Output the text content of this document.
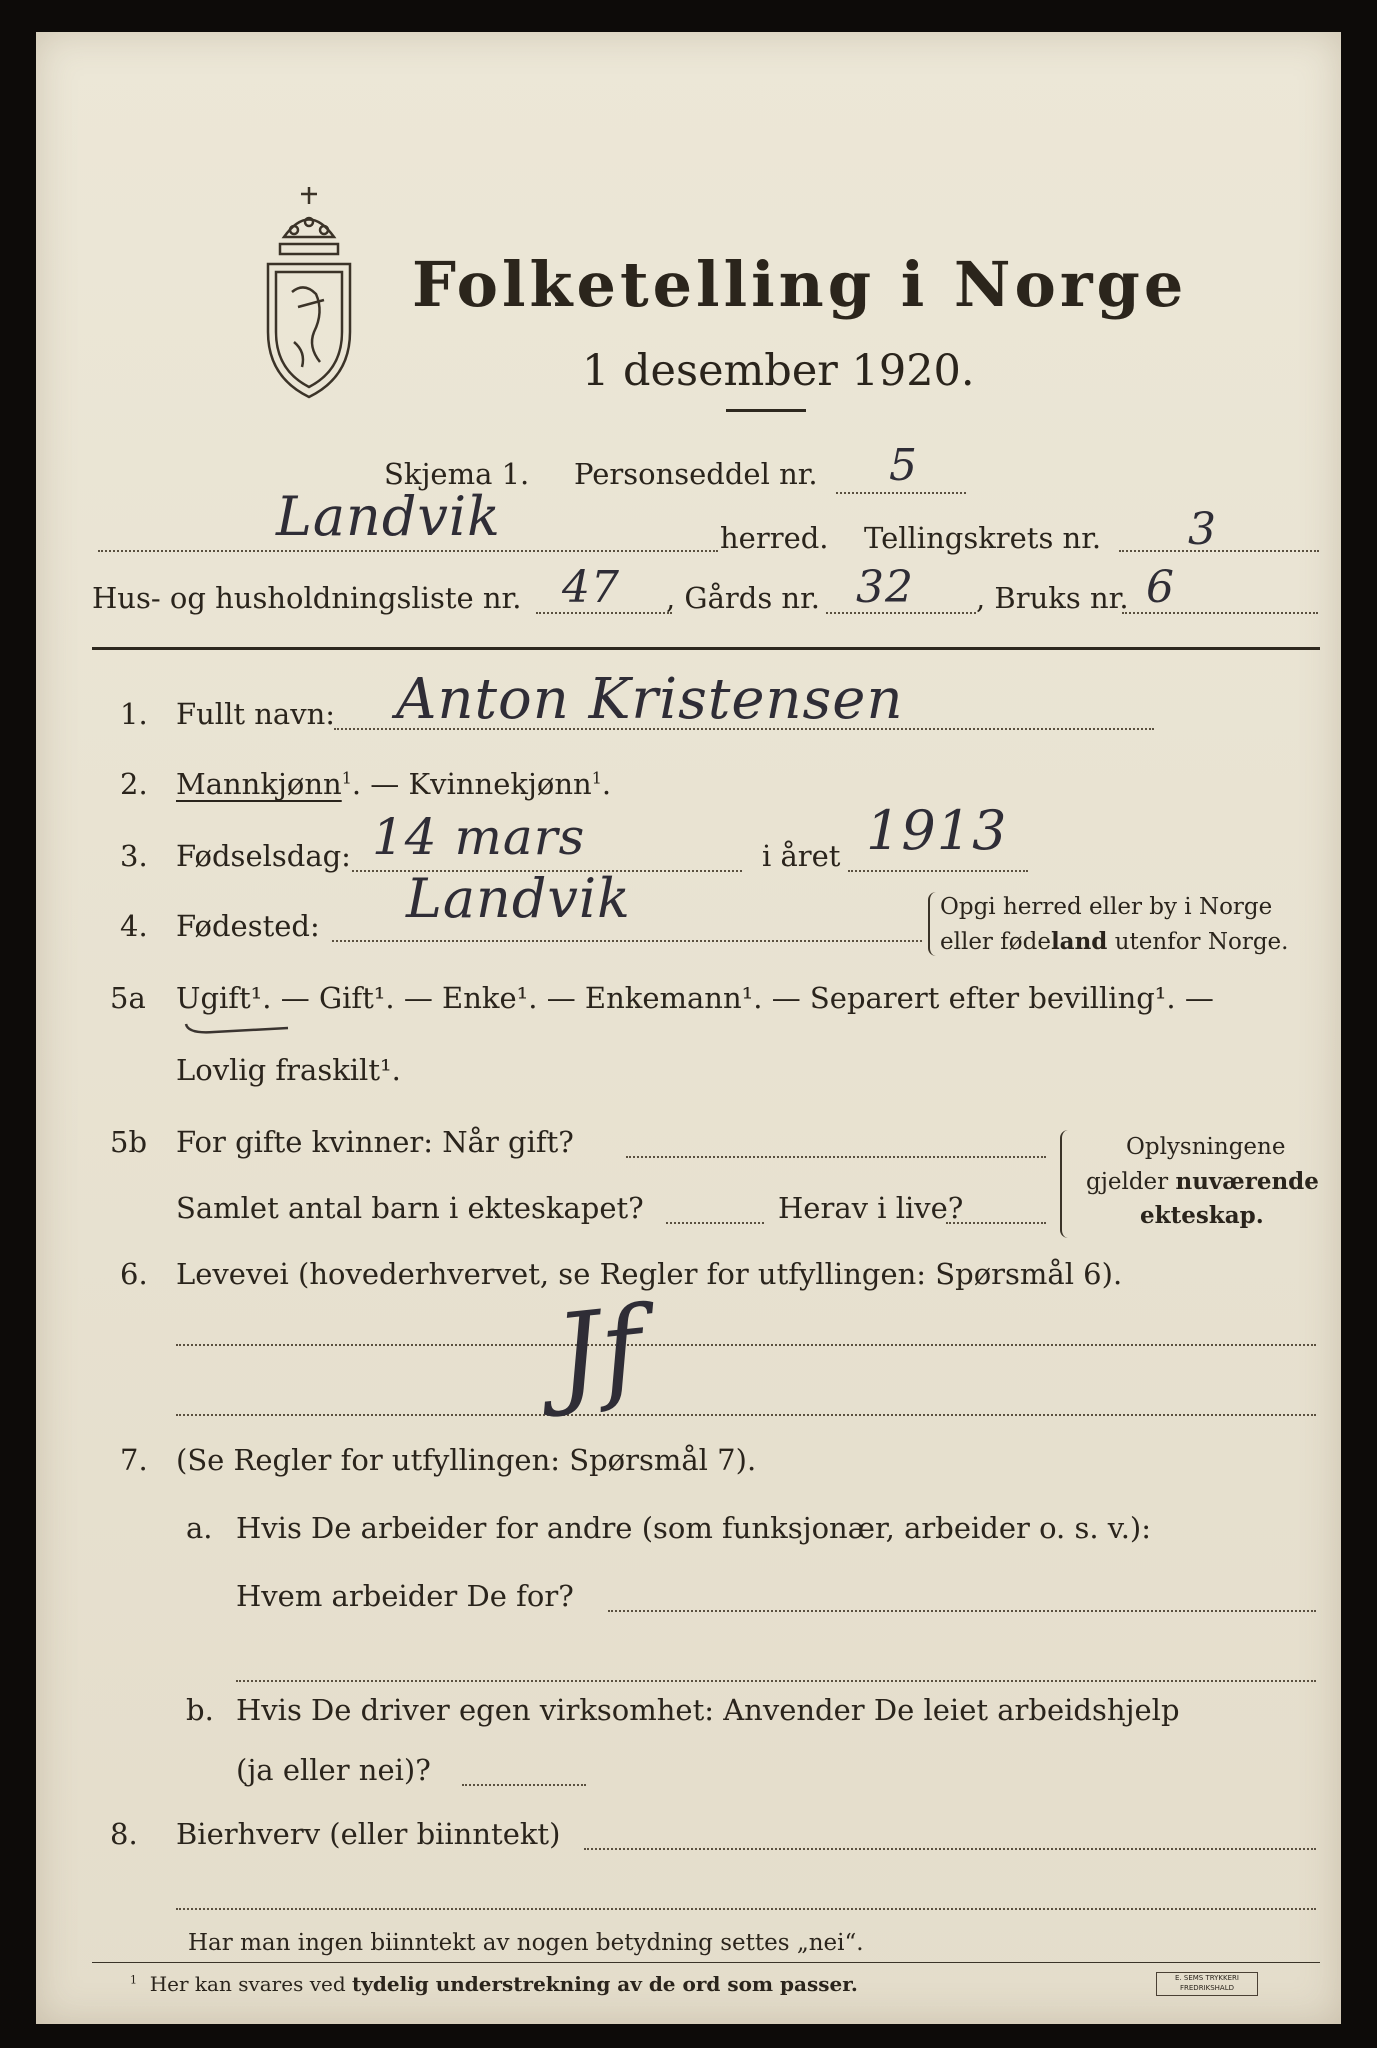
Folketelling i Norge
1 desember 1920.
Skjema 1. Personseddel nr. 5
Landvik	herred. Tellingskrets nr. 3
Hus- og husholdningsliste nr. 47 , Gårds nr. 32 , Bruks nr. 6
1. Fullt navn: Anton Kristensen
2. Mannkjønn$^1$. — Kvinnekjønn$^1$.
3. Fødselsdag: 14 mars	i året 1913
4. Fødested: Landvik	Opgi herred eller by i Norge
eller fødeland utenfor Norge.
5a Ugift¹. — Gift¹. — Enke¹. — Enkemann¹. — Separert efter bevilling¹. —
Lovlig fraskilt¹.
5b For gifte kvinner: Når gift?
Samlet antal barn i ekteskapet?	Herav i live?
Oplysningene
gjelder nuværende
ekteskap.
6. Levevei (hovederhvervet, se Regler for utfyllingen: Spørsmål 6).
Jf
7. (Se Regler for utfyllingen: Spørsmål 7).
a. Hvis De arbeider for andre (som funksjonær, arbeider o. s. v.):
Hvem arbeider De for?
b. Hvis De driver egen virksomhet: Anvender De leiet arbeidshjelp
(ja eller nei)?
8. Bierhverv (eller biinntekt)
Har man ingen biinntekt av nogen betydning settes „nei“.
$^1$ Her kan svares ved tydelig understrekning av de ord som passer.	E. SEMS TRYKKERI
FREDRIKSHALD
